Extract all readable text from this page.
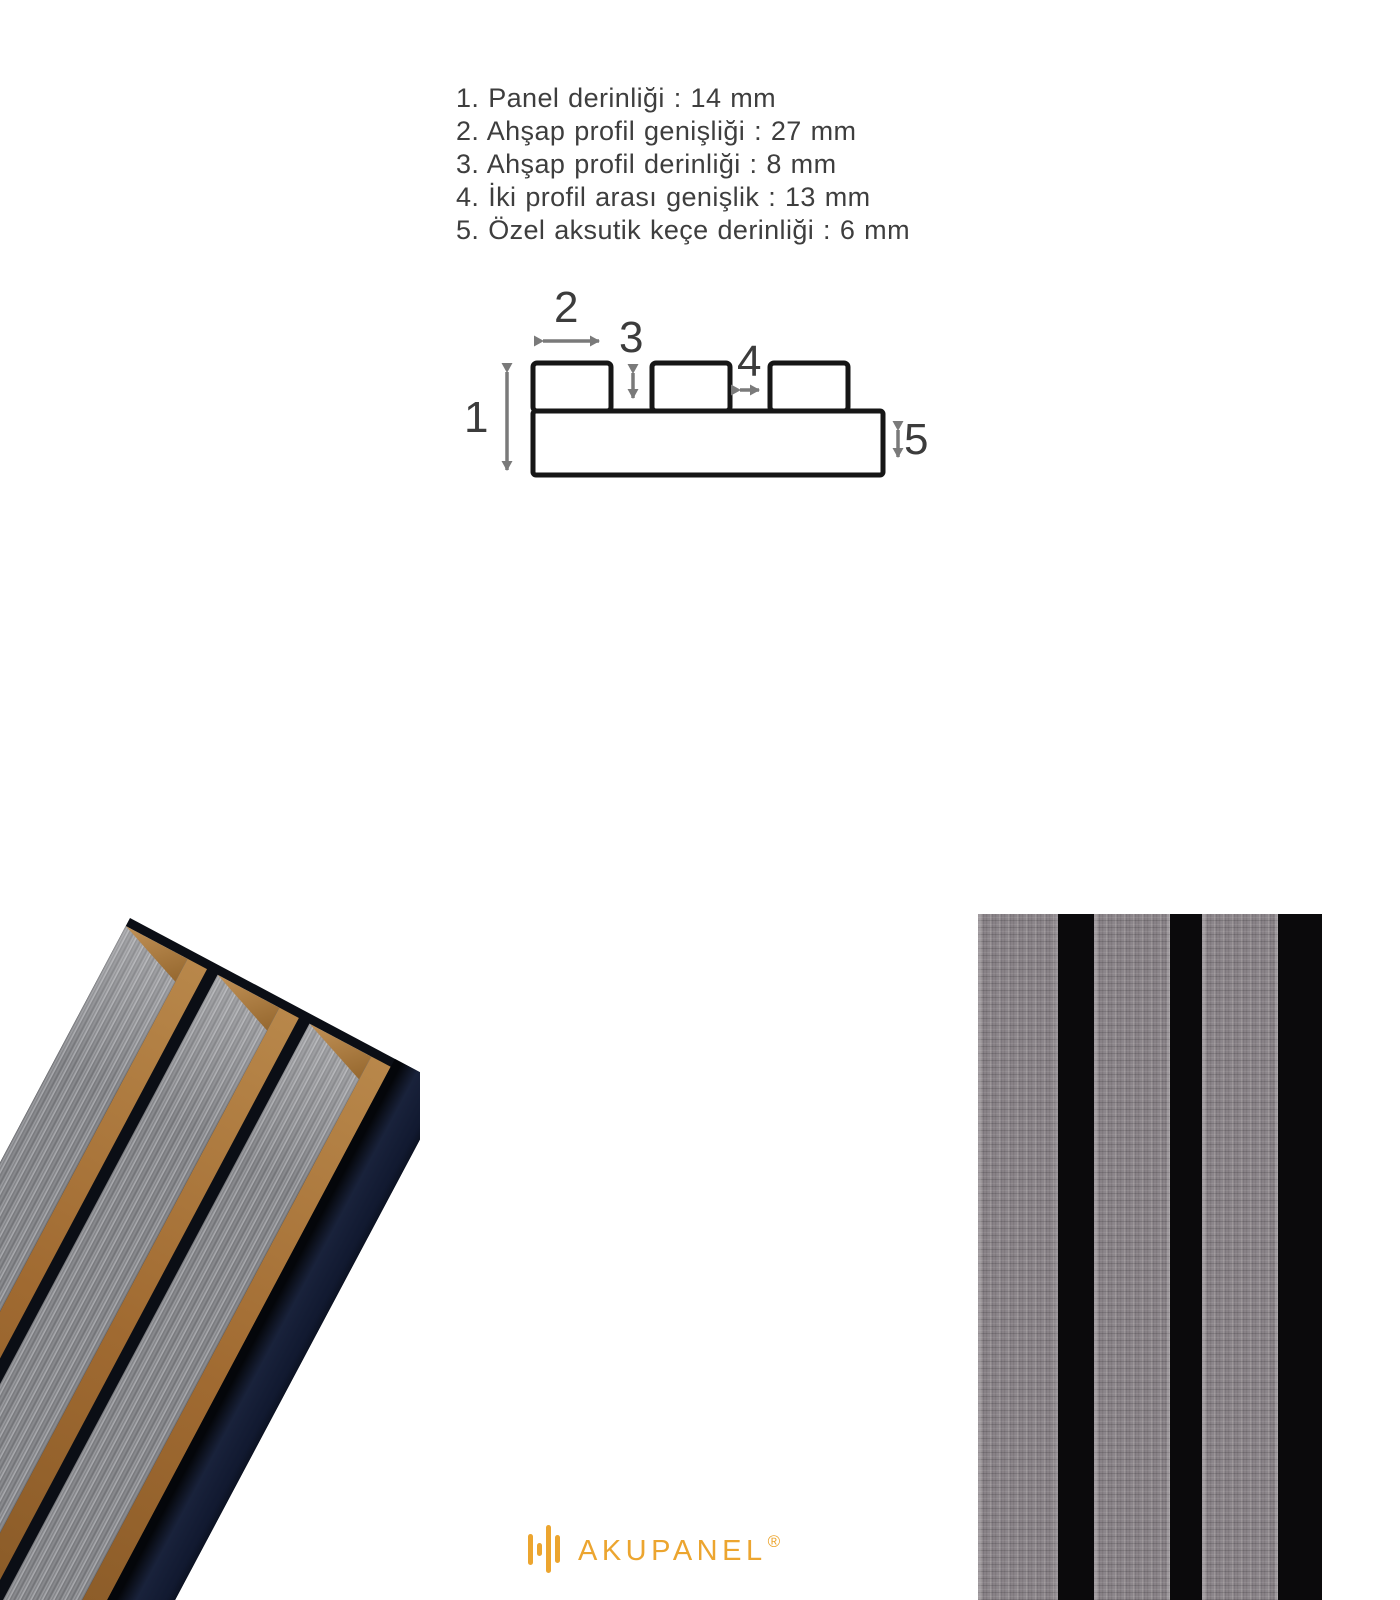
1. Panel derinliği : 14 mm
2. Ahşap profil genişliği : 27 mm
3. Ahşap profil derinliği : 8 mm
4. İki profil arası genişlik : 13 mm
5. Özel aksutik keçe derinliği : 6 mm
1
2
3 4
5
AKUPANEL®
